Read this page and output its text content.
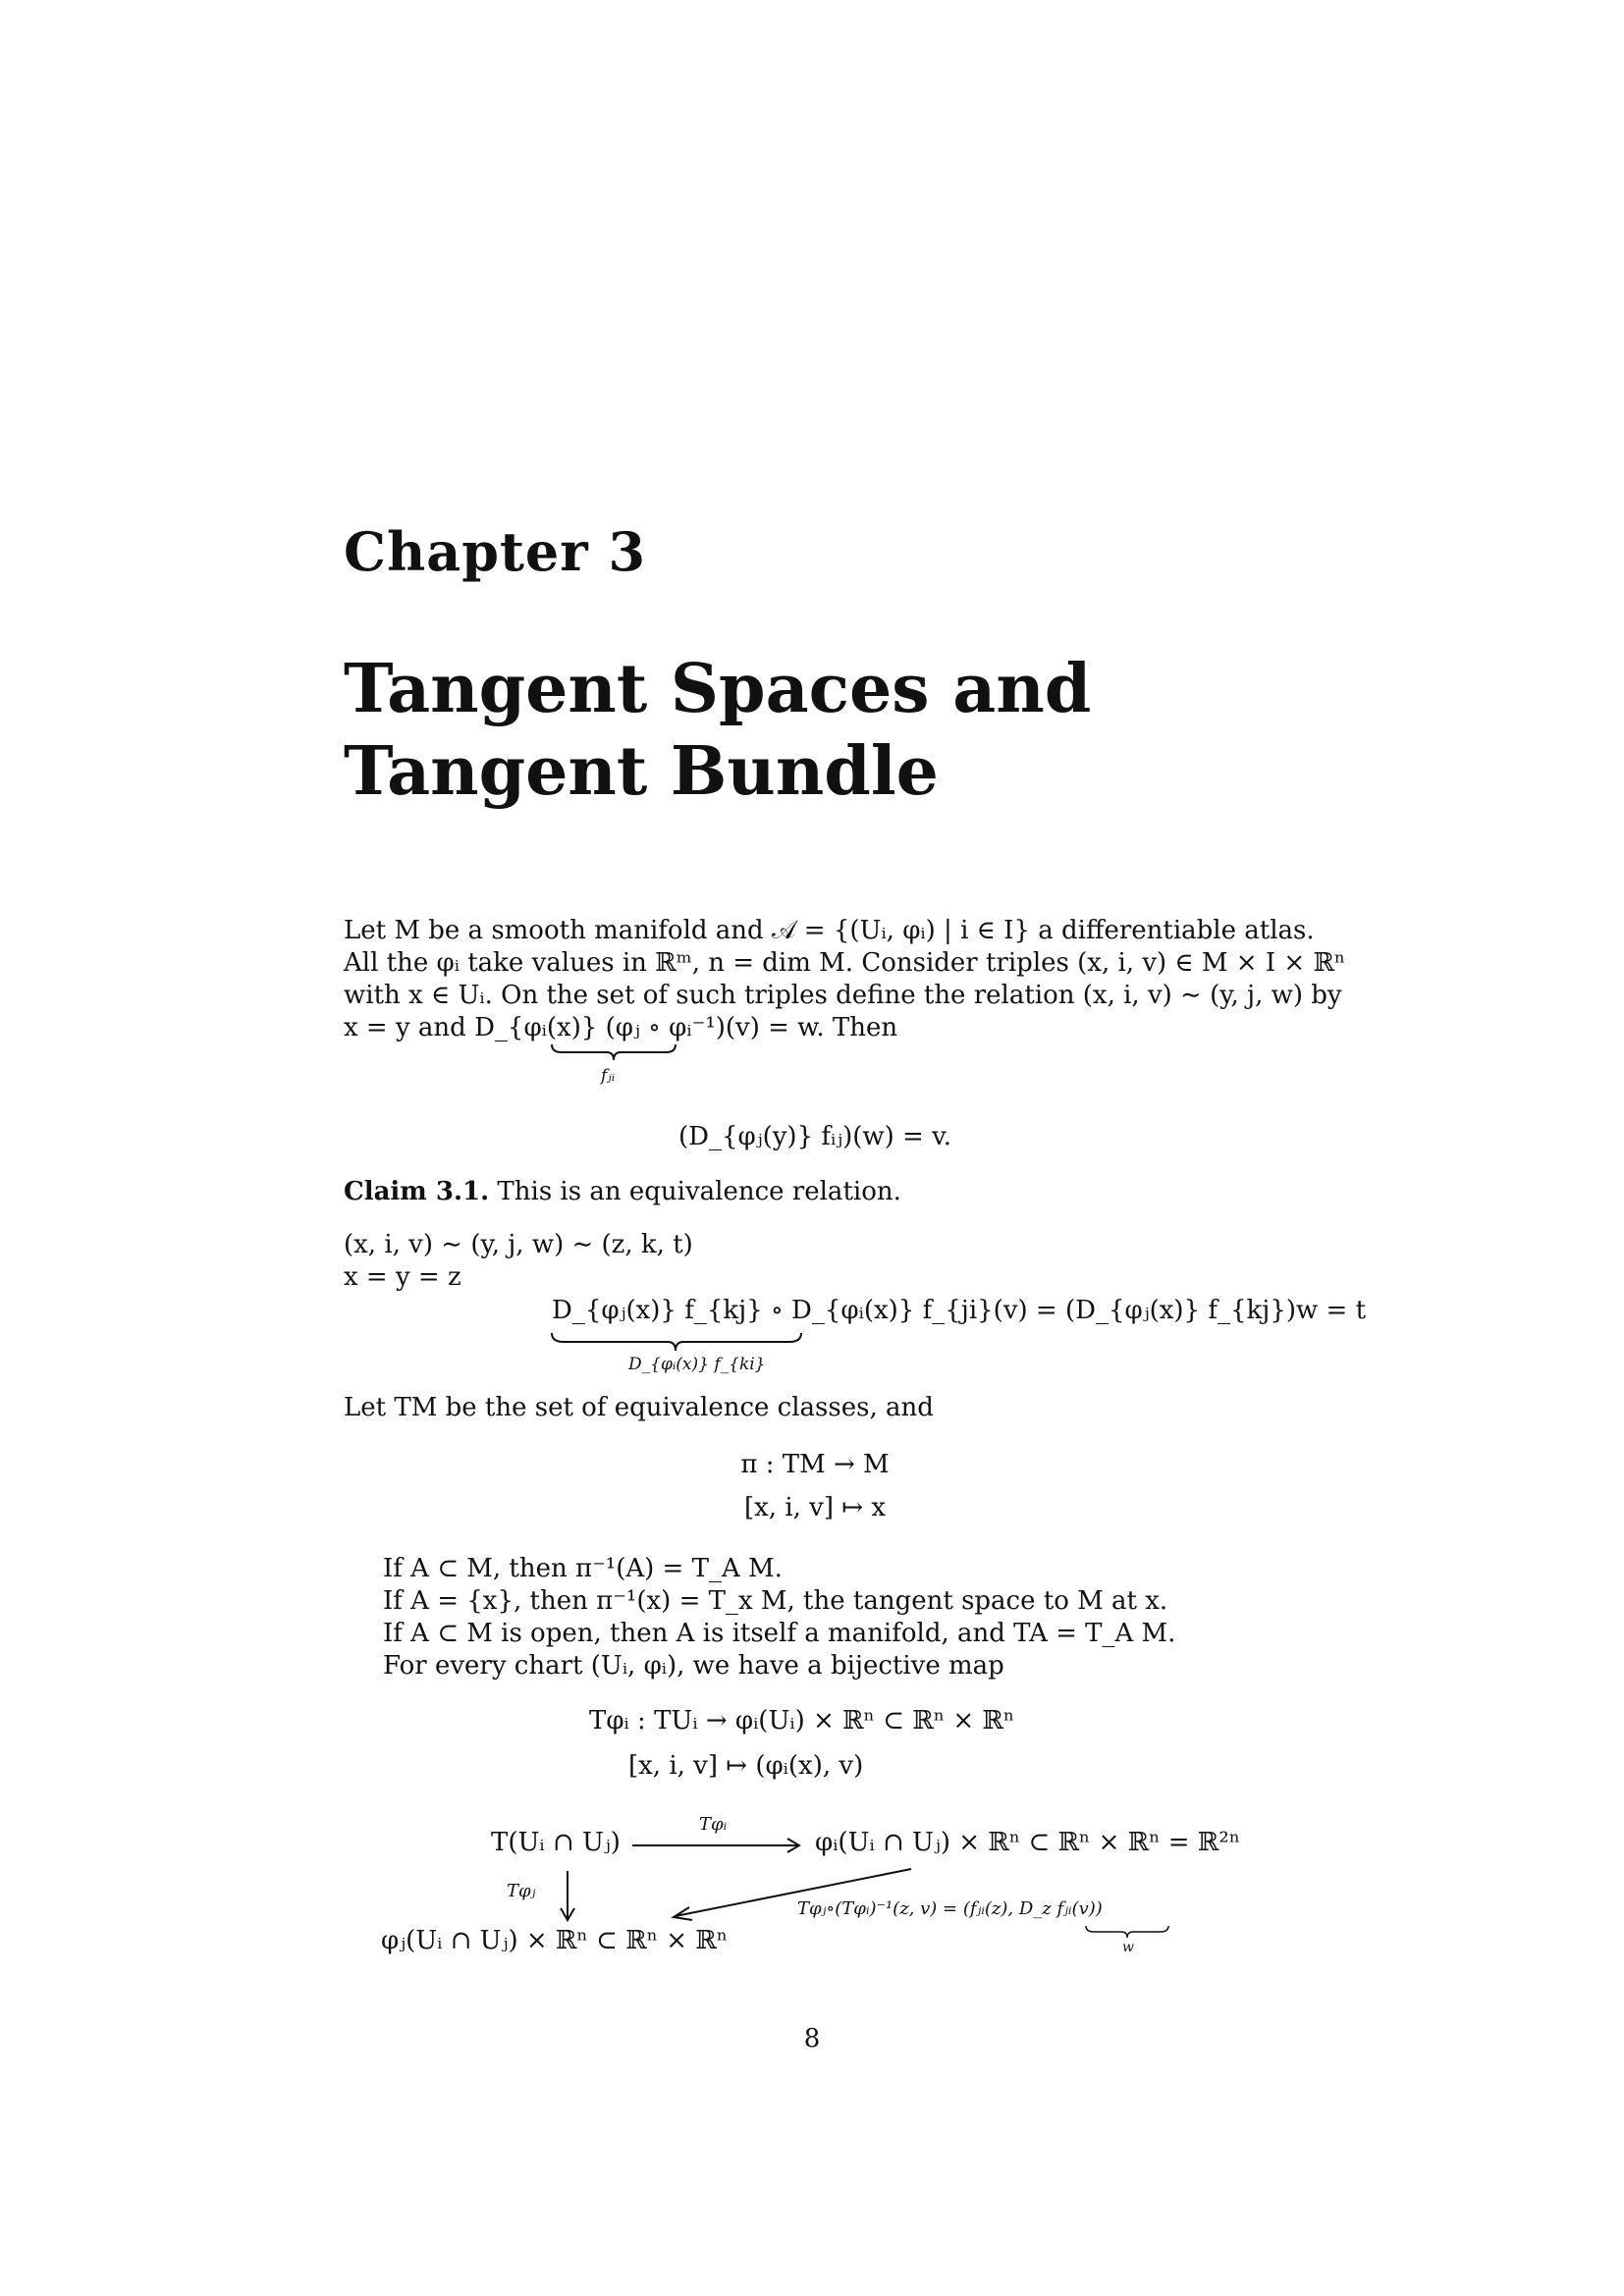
Chapter 3
Tangent Spaces and
Tangent Bundle
Let M be a smooth manifold and 𝒜 = {(Uᵢ, φᵢ) | i ∈ I} a differentiable atlas.
All the φᵢ take values in ℝᵐ, n = dim M. Consider triples (x, i, v) ∈ M × I × ℝⁿ
with x ∈ Uᵢ. On the set of such triples define the relation (x, i, v) ∼ (y, j, w) by
x = y and D_{φᵢ(x)} (φⱼ ∘ φᵢ⁻¹)(v) = w. Then
fⱼᵢ
(D_{φⱼ(y)} fᵢⱼ)(w) = v.
Claim 3.1. This is an equivalence relation.
(x, i, v) ∼ (y, j, w) ∼ (z, k, t)
x = y = z
D_{φⱼ(x)} f_{kj} ∘ D_{φᵢ(x)} f_{ji}(v) = (D_{φⱼ(x)} f_{kj})w = t
D_{φᵢ(x)} f_{ki}
Let TM be the set of equivalence classes, and
π : TM → M
[x, i, v] ↦ x
If A ⊂ M, then π⁻¹(A) = T_A M.
If A = {x}, then π⁻¹(x) = T_x M, the tangent space to M at x.
If A ⊂ M is open, then A is itself a manifold, and TA = T_A M.
For every chart (Uᵢ, φᵢ), we have a bijective map
Tφᵢ : TUᵢ → φᵢ(Uᵢ) × ℝⁿ ⊂ ℝⁿ × ℝⁿ
[x, i, v] ↦ (φᵢ(x), v)
T(Uᵢ ∩ Uⱼ)
Tφᵢ
φᵢ(Uᵢ ∩ Uⱼ) × ℝⁿ ⊂ ℝⁿ × ℝⁿ = ℝ²ⁿ
Tφⱼ
Tφⱼ∘(Tφᵢ)⁻¹(z, v) = (fⱼᵢ(z), D_z fⱼᵢ(v))
w
φⱼ(Uᵢ ∩ Uⱼ) × ℝⁿ ⊂ ℝⁿ × ℝⁿ
8
